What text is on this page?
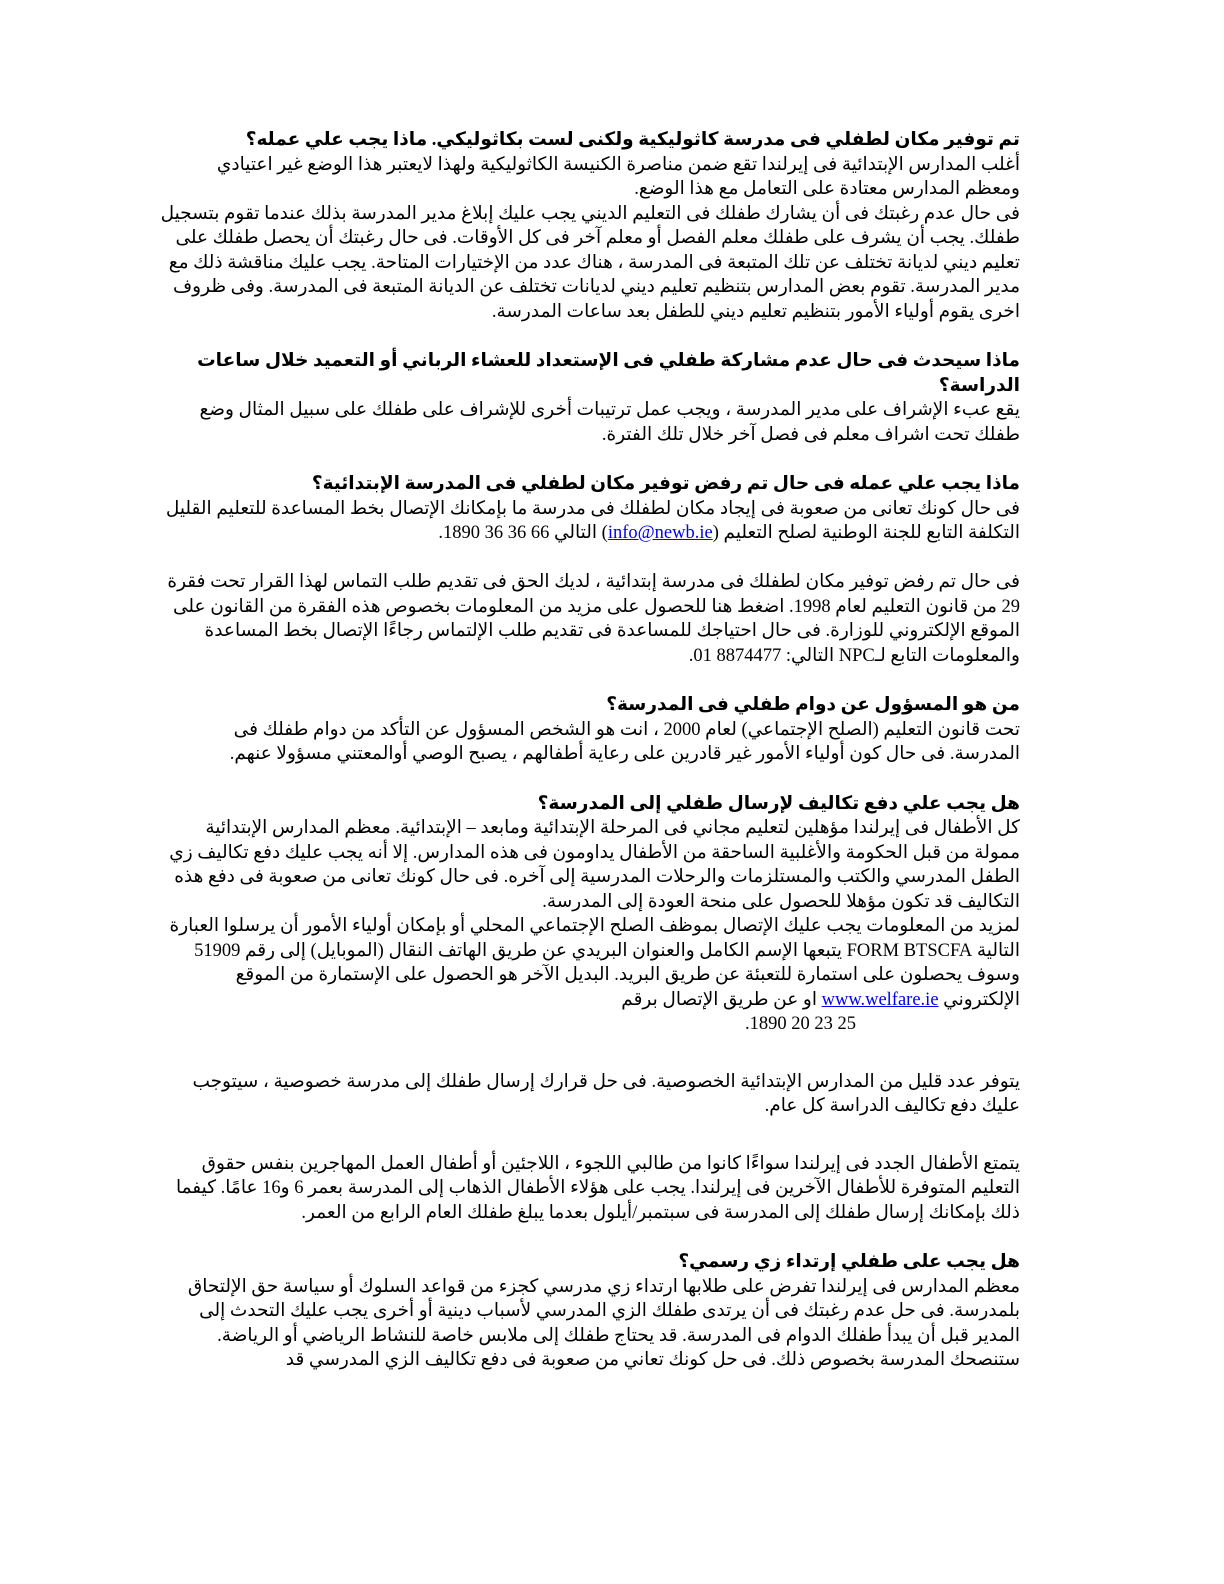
تم توفير مكان لطفلي فى مدرسة كاثوليكية ولكنى لست بكاثوليكي. ماذا يجب علي عمله؟
أغلب المدارس الإبتدائية فى إيرلندا تقع ضمن مناصرة الكنيسة الكاثوليكية ولهذا لايعتبر هذا الوضع غير اعتيادي ومعظم المدارس معتادة على التعامل مع هذا الوضع.
فى حال عدم رغبتك فى أن يشارك طفلك فى التعليم الديني يجب عليك إبلاغ مدير المدرسة بذلك عندما تقوم بتسجيل طفلك. يجب أن يشرف على طفلك معلم الفصل أو معلم آخر فى كل الأوقات. فى حال رغبتك أن يحصل طفلك على تعليم ديني لديانة تختلف عن تلك المتبعة فى المدرسة ، هناك عدد من الإختيارات المتاحة. يجب عليك مناقشة ذلك مع مدير المدرسة. تقوم بعض المدارس بتنظيم تعليم ديني لديانات تختلف عن الديانة المتبعة فى المدرسة. وفى ظروف اخرى يقوم أولياء الأمور بتنظيم تعليم ديني للطفل بعد ساعات المدرسة.
ماذا سيحدث فى حال عدم مشاركة طفلي فى الإستعداد للعشاء الرباني أو التعميد خلال ساعات الدراسة؟
يقع عبء الإشراف على مدير المدرسة ، ويجب عمل ترتيبات أخرى للإشراف على طفلك على سبيل المثال وضع طفلك تحت اشراف معلم فى فصل آخر خلال تلك الفترة.
ماذا يجب علي عمله فى حال تم رفض توفير مكان لطفلي فى المدرسة الإبتدائية؟
فى حال كونك تعانى من صعوبة فى إيجاد مكان لطفلك فى مدرسة ما بإمكانك الإتصال بخط المساعدة للتعليم القليل التكلفة التابع للجنة الوطنية لصلح التعليم (info@newb.ie) التالي 66 36 36 1890.
فى حال تم رفض توفير مكان لطفلك فى مدرسة إبتدائية ، لديك الحق فى تقديم طلب التماس لهذا القرار تحت فقرة 29 من قانون التعليم لعام 1998. اضغط هنا للحصول على مزيد من المعلومات بخصوص هذه الفقرة من القانون على الموقع الإلكتروني للوزارة. فى حال احتياجك للمساعدة فى تقديم طلب الإلتماس رجاءًا الإتصال بخط المساعدة والمعلومات التابع لـNPC التالي: 8874477 01.
من هو المسؤول عن دوام طفلي فى المدرسة؟
تحت قانون التعليم (الصلح الإجتماعي) لعام 2000 ، انت هو الشخص المسؤول عن التأكد من دوام طفلك فى المدرسة. فى حال كون أولياء الأمور غير قادرين على رعاية أطفالهم ، يصبح الوصي أوالمعتني مسؤولا عنهم.
هل يجب علي دفع تكاليف لإرسال طفلي إلى المدرسة؟
كل الأطفال فى إيرلندا مؤهلين لتعليم مجاني فى المرحلة الإبتدائية ومابعد – الإبتدائية. معظم المدارس الإبتدائية ممولة من قبل الحكومة والأغلبية الساحقة من الأطفال يداومون فى هذه المدارس. إلا أنه يجب عليك دفع تكاليف زي الطفل المدرسي والكتب والمستلزمات والرحلات المدرسية إلى آخره. فى حال كونك تعانى من صعوبة فى دفع هذه التكاليف قد تكون مؤهلا للحصول على منحة العودة إلى المدرسة.
لمزيد من المعلومات يجب عليك الإتصال بموظف الصلح الإجتماعي المحلي أو بإمكان أولياء الأمور أن يرسلوا العبارة التالية FORM BTSCFA يتبعها الإسم الكامل والعنوان البريدي عن طريق الهاتف النقال (الموبايل) إلى رقم 51909 وسوف يحصلون على استمارة للتعبئة عن طريق البريد. البديل الآخر هو الحصول على الإستمارة من الموقع الإلكتروني www.welfare.ie او عن طريق الإتصال برقم
25 23 20 1890.
يتوفر عدد قليل من المدارس الإبتدائية الخصوصية. فى حل قرارك إرسال طفلك إلى مدرسة خصوصية ، سيتوجب عليك دفع تكاليف الدراسة كل عام.
يتمتع الأطفال الجدد فى إيرلندا سواءًا كانوا من طالبي اللجوء ، اللاجئين أو أطفال العمل المهاجرين بنفس حقوق التعليم المتوفرة للأطفال الآخرين فى إيرلندا. يجب على هؤلاء الأطفال الذهاب إلى المدرسة بعمر 6 و16 عامًا. كيفما ذلك بإمكانك إرسال طفلك إلى المدرسة فى سبتمبر/أيلول بعدما يبلغ طفلك العام الرابع من العمر.
هل يجب على طفلي إرتداء زي رسمي؟
معظم المدارس فى إيرلندا تفرض على طلابها ارتداء زي مدرسي كجزء من قواعد السلوك أو سياسة حق الإلتحاق بلمدرسة. فى حل عدم رغبتك فى أن يرتدى طفلك الزي المدرسي لأسباب دينية أو أخرى يجب عليك التحدث إلى المدير قبل أن يبدأ طفلك الدوام فى المدرسة. قد يحتاج طفلك إلى ملابس خاصة للنشاط الرياضي أو الرياضة. ستنصحك المدرسة بخصوص ذلك. فى حل كونك تعاني من صعوبة فى دفع تكاليف الزي المدرسي قد
